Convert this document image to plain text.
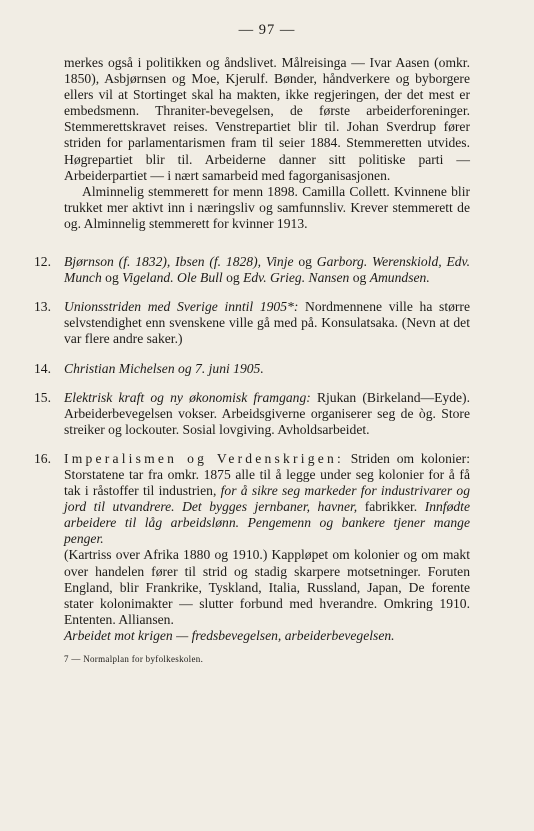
— 97 —

merkes også i politikken og åndslivet. Målreisinga — Ivar Aasen (omkr. 1850), Asbjørnsen og Moe, Kjerulf. Bønder, håndverkere og byborgere ellers vil at Stortinget skal ha makten, ikke regjeringen, der det mest er embedsmenn. Thraniter-bevegelsen, de første arbeiderforeninger. Stemmerettskravet reises. Venstrepartiet blir til. Johan Sverdrup fører striden for parlamentarismen fram til seier 1884. Stemmeretten utvides. Høgrepartiet blir til. Arbeiderne danner sitt politiske parti — Arbeiderpartiet — i nært samarbeid med fagorganisasjonen.

Alminnelig stemmerett for menn 1898. Camilla Collett. Kvinnene blir trukket mer aktivt inn i næringsliv og samfunnsliv. Krever stemmerett de og. Alminnelig stemmerett for kvinner 1913.

12. Bjørnson (f. 1832), Ibsen (f. 1828), Vinje og Garborg. Werenskiold, Edv. Munch og Vigeland. Ole Bull og Edv. Grieg. Nansen og Amundsen.

13. Unionsstriden med Sverige inntil 1905*: Nordmennene ville ha større selvstendighet enn svenskene ville gå med på. Konsulatsaka. (Nevn at det var flere andre saker.)

14. Christian Michelsen og 7. juni 1905.

15. Elektrisk kraft og ny økonomisk framgang: Rjukan (Birkeland—Eyde). Arbeiderbevegelsen vokser. Arbeidsgiverne organiserer seg de òg. Store streiker og lockouter. Sosial lovgiving. Avholdsarbeidet.

16. Imperalismen og Verdenskrigen: Striden om kolonier: Storstatene tar fra omkr. 1875 alle til å legge under seg kolonier for å få tak i råstoffer til industrien, for å sikre seg markeder for industrivarer og jord til utvandrere. Det bygges jernbaner, havner, fabrikker. Innfødte arbeidere til låg arbeidslønn. Pengemenn og bankere tjener mange penger.

(Kartriss over Afrika 1880 og 1910.) Kappløpet om kolonier og om makt over handelen fører til strid og stadig skarpere motsetninger. Foruten England, blir Frankrike, Tyskland, Italia, Russland, Japan, De forente stater kolonimakter — slutter forbund med hverandre. Omkring 1910. Ententen. Alliansen.

Arbeidet mot krigen — fredsbevegelsen, arbeiderbevegelsen.

7 — Normalplan for byfolkeskolen.
